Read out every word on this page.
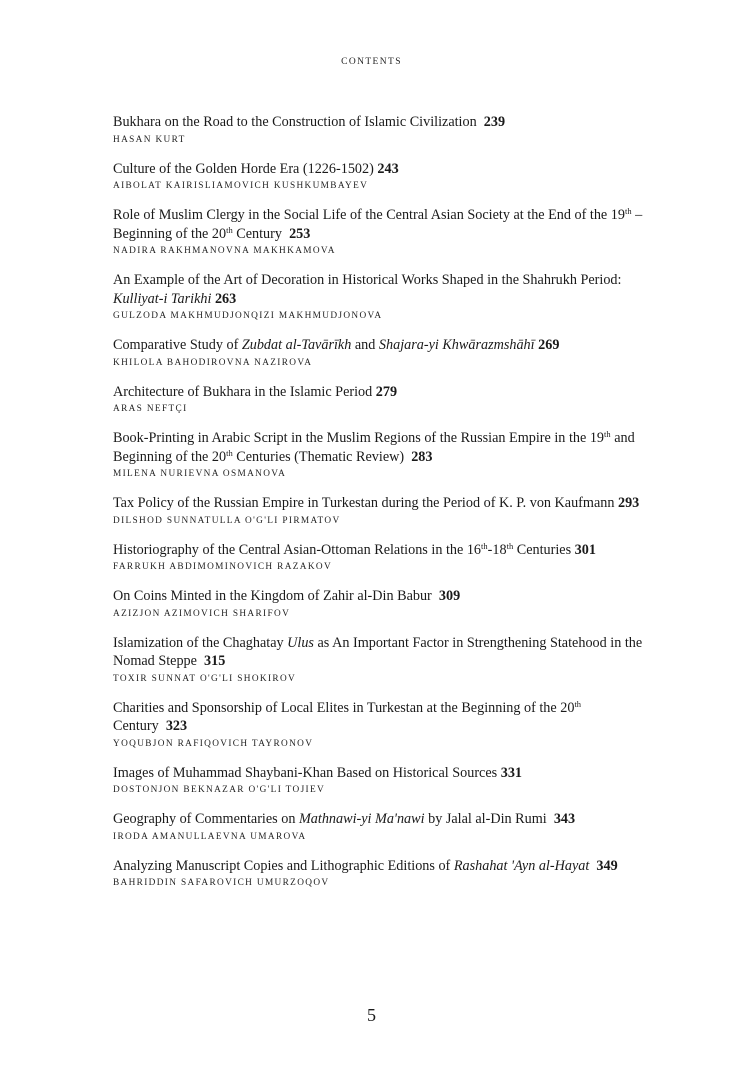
CONTENTS
Bukhara on the Road to the Construction of Islamic Civilization 239
HASAN KURT
Culture of the Golden Horde Era (1226-1502) 243
AIBOLAT KAIRISLIAMOVICH KUSHKUMBAYEV
Role of Muslim Clergy in the Social Life of the Central Asian Society at the End of the 19th – Beginning of the 20th Century 253
NADIRA RAKHMANOVNA MAKHKAMOVA
An Example of the Art of Decoration in Historical Works Shaped in the Shahrukh Period: Kulliyat-i Tarikhi 263
GULZODA MAKHMUDJONQIZI MAKHMUDJONOVA
Comparative Study of Zubdat al-Tavārīkh and Shajara-yi Khwārazmshāhī 269
KHILOLA BAHODIROVNA NAZIROVA
Architecture of Bukhara in the Islamic Period 279
ARAS NEFTÇI
Book-Printing in Arabic Script in the Muslim Regions of the Russian Empire in the 19th and Beginning of the 20th Centuries (Thematic Review) 283
MILENA NURIEVNA OSMANOVA
Tax Policy of the Russian Empire in Turkestan during the Period of K. P. von Kaufmann 293
DILSHOD SUNNATULLA O'G'LI PIRMATOV
Historiography of the Central Asian-Ottoman Relations in the 16th-18th Centuries 301
FARRUKH ABDIMOMINOVICH RAZAKOV
On Coins Minted in the Kingdom of Zahir al-Din Babur 309
AZIZJON AZIMOVICH SHARIFOV
Islamization of the Chaghatay Ulus as An Important Factor in Strengthening Statehood in the Nomad Steppe 315
TOXIR SUNNAT O'G'LI SHOKIROV
Charities and Sponsorship of Local Elites in Turkestan at the Beginning of the 20th Century 323
YOQUBJON RAFIQOVICH TAYRONOV
Images of Muhammad Shaybani-Khan Based on Historical Sources 331
DOSTONJON BEKNAZAR O'G'LI TOJIEV
Geography of Commentaries on Mathnawi-yi Ma'nawi by Jalal al-Din Rumi 343
IRODA AMANULLAEVNA UMAROVA
Analyzing Manuscript Copies and Lithographic Editions of Rashahat 'Ayn al-Hayat 349
BAHRIDDIN SAFAROVICH UMURZOQOV
5
